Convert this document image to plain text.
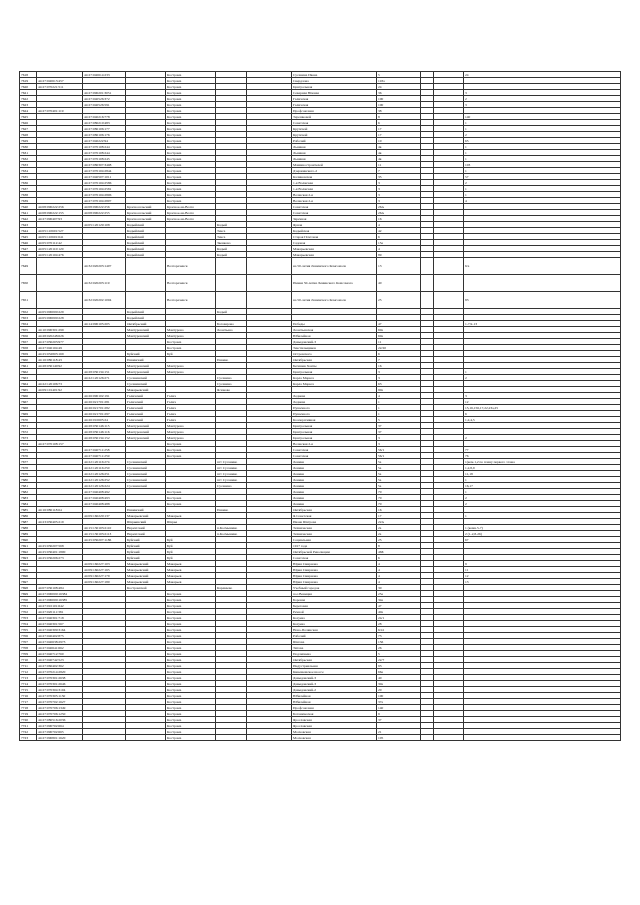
7618		44:27:040614:233		Кострома			Сусанина Ивана	5			24
7619	44:27:040613:457			Кострома			Свердлова	118а			
7620	44:27:070221:511			Кострома			Центральная	24			
7621		44:27:090201:3051		Кострома			Северная Южная	36			3
7622		44:27:040526:372		Кострома			Галичская	100			2
7623		44:27:040526:591		Кострома			Галичская	100			3
7624	44:27:070401:119			Кострома			Профсоюзная	38			
7625		44:27:040216:778		Кострома			Терешковой	8			140
7626		44:27:080210:483		Кострома			Советская	6			1
7627		44:27:080106:177		Кострома			Крупской	17			1
7628		44:27:080106:176		Кострома			Крупской	17			2
7629		44:27:040222:94		Кострома			Рабочий	10			65
7630		44:27:070108:244		Кострома			Льняная	4в			1
7631		44:27:070108:244		Кострома			Льняная	4в			1
7632		44:27:070108:245		Кострома			Льняная	4в			1
7633		44:27:080307:3408		Кострома			Машиностроителей	11			103
7634		44:27:070104:2844		Кострома			Дзержинского-2	7			1
7635		44:27:040507:1011		Кострома			Калиновская	35			57
7636		44:27:070104:2586		Кострома			1-я Волжская	3			2
7637		44:27:070104:2581		Кострома			1-я Волжская	3			1
7638		44:27:070104:2806		Кострома			Волжская 2-я	3			1
7639		44:27:070104:2807		Кострома			Волжская 2-я	3			4
7640	44:08:090222:256	44:08:090222:256	Красносельский	Красное-на-Волге			Советская	26А			
7641	44:08:090222:155	44:08:090222:255	Красносельский	Красное-на-Волге			Советская	26А			
7642	44:27:090407:93		Красносельский	Красное-на-Волге			Заречная	16			
7643		44:05:120129:108	Кадыйский		Кадый		Ярная	4			
7644	44:05:110601:527		Кадыйский		Текса		Кадыйская	42			
7645	44:05:110601:641		Кадыйский		Текса		Старая Почтовая	6			
7646	44:05:070112:42		Кадыйский		Звенково		Садовая	15а			
7647	44:05:120110:120		Кадыйский		Кадый		Макарьевская	4			
7648	44:05:120104:476		Кадыйский		Кадый		Макарьевская	89			
7649		44:32:020203:1407		Волгореченск			на 50-летия Ленинского Комсомола	13			6/а
7650		44:32:020203:119		Волгореченск			Имени 50-летия Ленинского Комсомола	40			
7651		44:32:020202:1004		Волгореченск			на 50-летия Ленинского Комсомола	25			83
7652	44:05:000000:229		Кадыйский		Кадый						
7653	44:05:000000:228		Кадыйский								
7654		44:14:090105:205	Октябрьский		Боговарово		Победы	47			1-7,9-13
7655	44:10:090301:299		Мантуровский	Мантурово	Леонтьево		Леонтьевская	60а			
7656	44:28:020248:626		Мантуровский	Мантурово			Юбилейная	60а			
7657	44:27:030203:977			Кострома			Давыдовский-3	11			
7658	44:27:040104:49			Кострома			Текстильщиков	22/20			
7659	44:25:032803:169		Буйский	Буй			Островского	6			
7660	44:16:080118:43		Павинский		Павино		Октябрьская	7			
7661	44:28:030140:92		Мантуровский	Мантурово			Бегишев Ханты	16			
7662		44:28:030134:151	Мантуровский	Мантурово			Центральная	3			1
7663		44:22:120126:271	Сусанинский		Сусанино		Карла Маркса	3			2
7664	44:22:120106:73		Сусанинский		Сусанино		Карла Маркса	63			
7665	44:09:101401:92		Макарьевский		Ясюково			90а			
7666		44:26:090102:191	Галичский	Галич			Леднева	4			3
7667		44:26:021701:281	Галичский	Галич			Леднева	1			12
7668		44:26:021701:282	Галичский	Галич			Пушечного	1			15,16,156,17,22,23а,25
7669		44:26:021701:297	Галичский	Галич			Пушечного	1			6
7670		44:26:010605:24	Галичский	Галич			Кооперативная	5			1,2,4,5
7671		44:28:030146:115	Мантуровский	Мантурово			Центральная	37			
7672		44:28:030146:116	Мантуровский	Мантурово			Центральная	37			
7673		44:28:030134:152	Мантуровский	Мантурово			Центральная	3			2
7674	44:27:070108:157			Кострома			Волжская 2-я	3			
7675		44:27:040711:258		Кострома			Советская	56/1			77
7676		44:27:040711:259		Кострома			Советская	56/1			76
7677		44:22:120116:274	Сусанинский		пгт Сусанино		Ленина	5а			1(ком.1,2 по плану первого этажа
7678		44:22:120116:250	Сусанинский		пгт Сусанино		Ленина	5а			1,2,8,9
7679		44:22:120126:251	Сусанинский		пгт Сусанино		Ленина	5а			11,18
7680		44:22:120126:252	Сусанинский		пгт Сусанино		Ленина	5а			1
7681		44:22:120126:224	Сусанинский		Сусанино		Ленина	5а			16,17
7682		44:27:040408:492		Кострома			Ленина	70			1
7683		44:27:040408:493		Кострома			Ленина	70			2
7684		44:27:040408:488		Кострома			Ленина	70			2
7685	44:16:080118:64		Павинский		Павино		Октябрьская	16			
7686		44:09:160220:137	Макарьевский	Макарьев			Я.Советская	17			1
7687	44:23:030405:219		Шарьинский	Шарья			Ивана Шатрова	22А			
7688		44:15:130103:2110	Нерехтский		п.Космынино		Техническая	2а			1 (комн.5-7)
7689		44:15:130103:2113	Нерехтский		п.Космынино		Техническая	2а			2 (1-2,8-26)
7690		44:25:030207:1186	Буйский	Буй			Социальная	25			67
7691	44:25:030207:568		Буйский	Буй			1917 года	8			
7692	44:25:030401:1800		Буйский	Буй			Октябрьской Революции	46Б			
7693	44:25:030206:273		Буйский	Буй			Советская	6			
7694		44:09:160227:103	Макарьевский	Макарьев			Юрия Смирнова	4			9
7695		44:09:160227:165	Макарьевский	Макарьев			Юрия Смирнова	4			11
7696		44:09:160227:179	Макарьевский	Макарьев			Юрия Смирнова	4			12
7697		44:09:160227:180	Макарьевский	Макарьев			Юрия Смирнова	4			13
7698	44:07:030108:484		Костромской		Караваево		Учебный городок	30			
7699	44:27:000000:16384			Кострома			пос.Венеция	25а			
7700	44:27:000000:16385			Кострома			Боровая	34а			
7701	44:27:010101:642			Кострома			Береговая	47			
7702	44:27:020111:381			Кострома			Речной	40а			
7703	44:27:040301:718			Кострома			Козуева	24/1			
7704	44:27:040301:567			Кострома			Козуева	28			
7705	44:27:040309:3164			Кострома			Ново-Полянская	6/41			
7706	44:27:040402:875			Кострома			Рабочий	73			
7707	44:27:040638:2973			Кострома			Шагова	156			
7708	44:27:040641:662			Кострома			Титова	26			
7709	44:27:040712:760			Кострома			Подлипаева	5			
7710	44:27:040742:523			Кострома			Октябрьская	22/7			
7711	44:27:060402:362			Кострома			Индустриальная	93			
7712	44:27:070214:2820			Кострома			Кинешемское шоссе	66а			
7713	44:27:070301:2638			Кострома			Давыдовский-3	40			
7714	44:27:070301:2646			Кострома			Давыдовский-3	30а			
7715	44:27:070304:3104			Кострома			Давыдовский-2	20			
7716	44:27:070305:1150			Кострома			Юбилейная	100			
7717	44:27:070702:1627			Кострома			Юбилейная	37а			
7718	44:27:070706:1349			Кострома			Профсоюзная	140			
7719	44:27:070706:1250			Кострома			Ботаническая	9			
7720	44:27:080516:2036			Кострома			Ярославская	37			
7721	44:27:090702:664			Кострома			Ярославская				
7722	44:27:090702:665			Кострома			Московская	21			
7723	44:27:090801:1620			Кострома			Московская	105			
